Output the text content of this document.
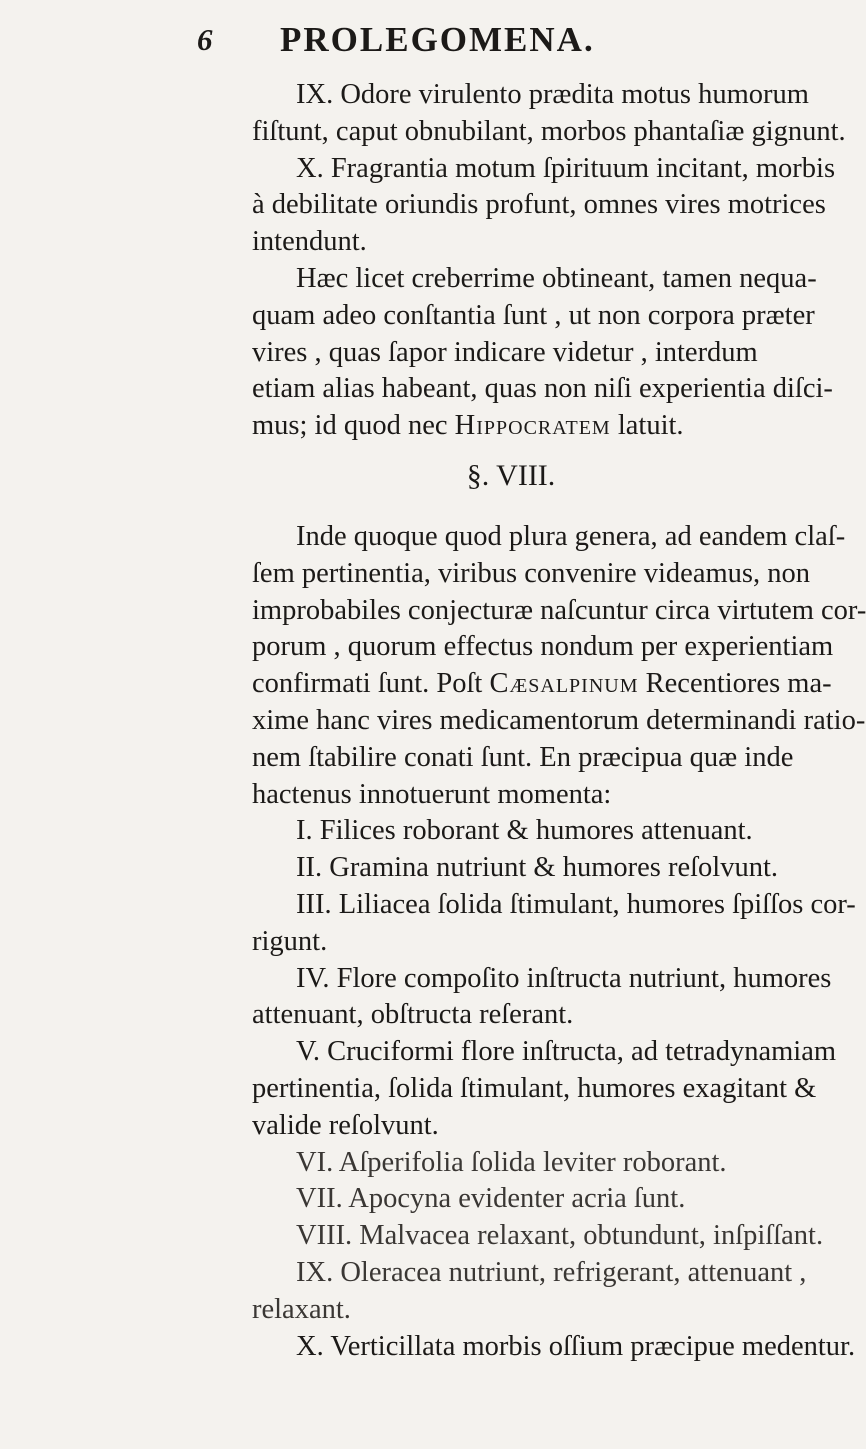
6 PROLEGOMENA.
IX. Odore virulento prædita motus humorum
fiſtunt, caput obnubilant, morbos phantaſiæ gignunt.
X. Fragrantia motum ſpirituum incitant, morbis
à debilitate oriundis profunt, omnes vires motrices
intendunt.
Hæc licet creberrime obtineant, tamen nequa-
quam adeo conſtantia ſunt , ut non corpora præter
vires , quas ſapor indicare videtur , interdum
etiam alias habeant, quas non niſi experientia diſci-
mus; id quod nec Hippocratem latuit.
§. VIII.
Inde quoque quod plura genera, ad eandem claſ-
ſem pertinentia, viribus convenire videamus, non
improbabiles conjecturæ naſcuntur circa virtutem cor-
porum , quorum effectus nondum per experientiam
confirmati ſunt. Poſt Cæsalpinum Recentiores ma-
xime hanc vires medicamentorum determinandi ratio-
nem ſtabilire conati ſunt. En præcipua quæ inde
hactenus innotuerunt momenta:
I. Filices roborant & humores attenuant.
II. Gramina nutriunt & humores reſolvunt.
III. Liliacea ſolida ſtimulant, humores ſpiſſos cor-
rigunt.
IV. Flore compoſito inſtructa nutriunt, humores
attenuant, obſtructa reſerant.
V. Cruciformi flore inſtructa, ad tetradynamiam
pertinentia, ſolida ſtimulant, humores exagitant &
valide reſolvunt.
VI. Aſperifolia ſolida leviter roborant.
VII. Apocyna evidenter acria ſunt.
VIII. Malvacea relaxant, obtundunt, inſpiſſant.
IX. Oleracea nutriunt, refrigerant, attenuant ,
relaxant.
X. Verticillata morbis oſſium præcipue medentur.
